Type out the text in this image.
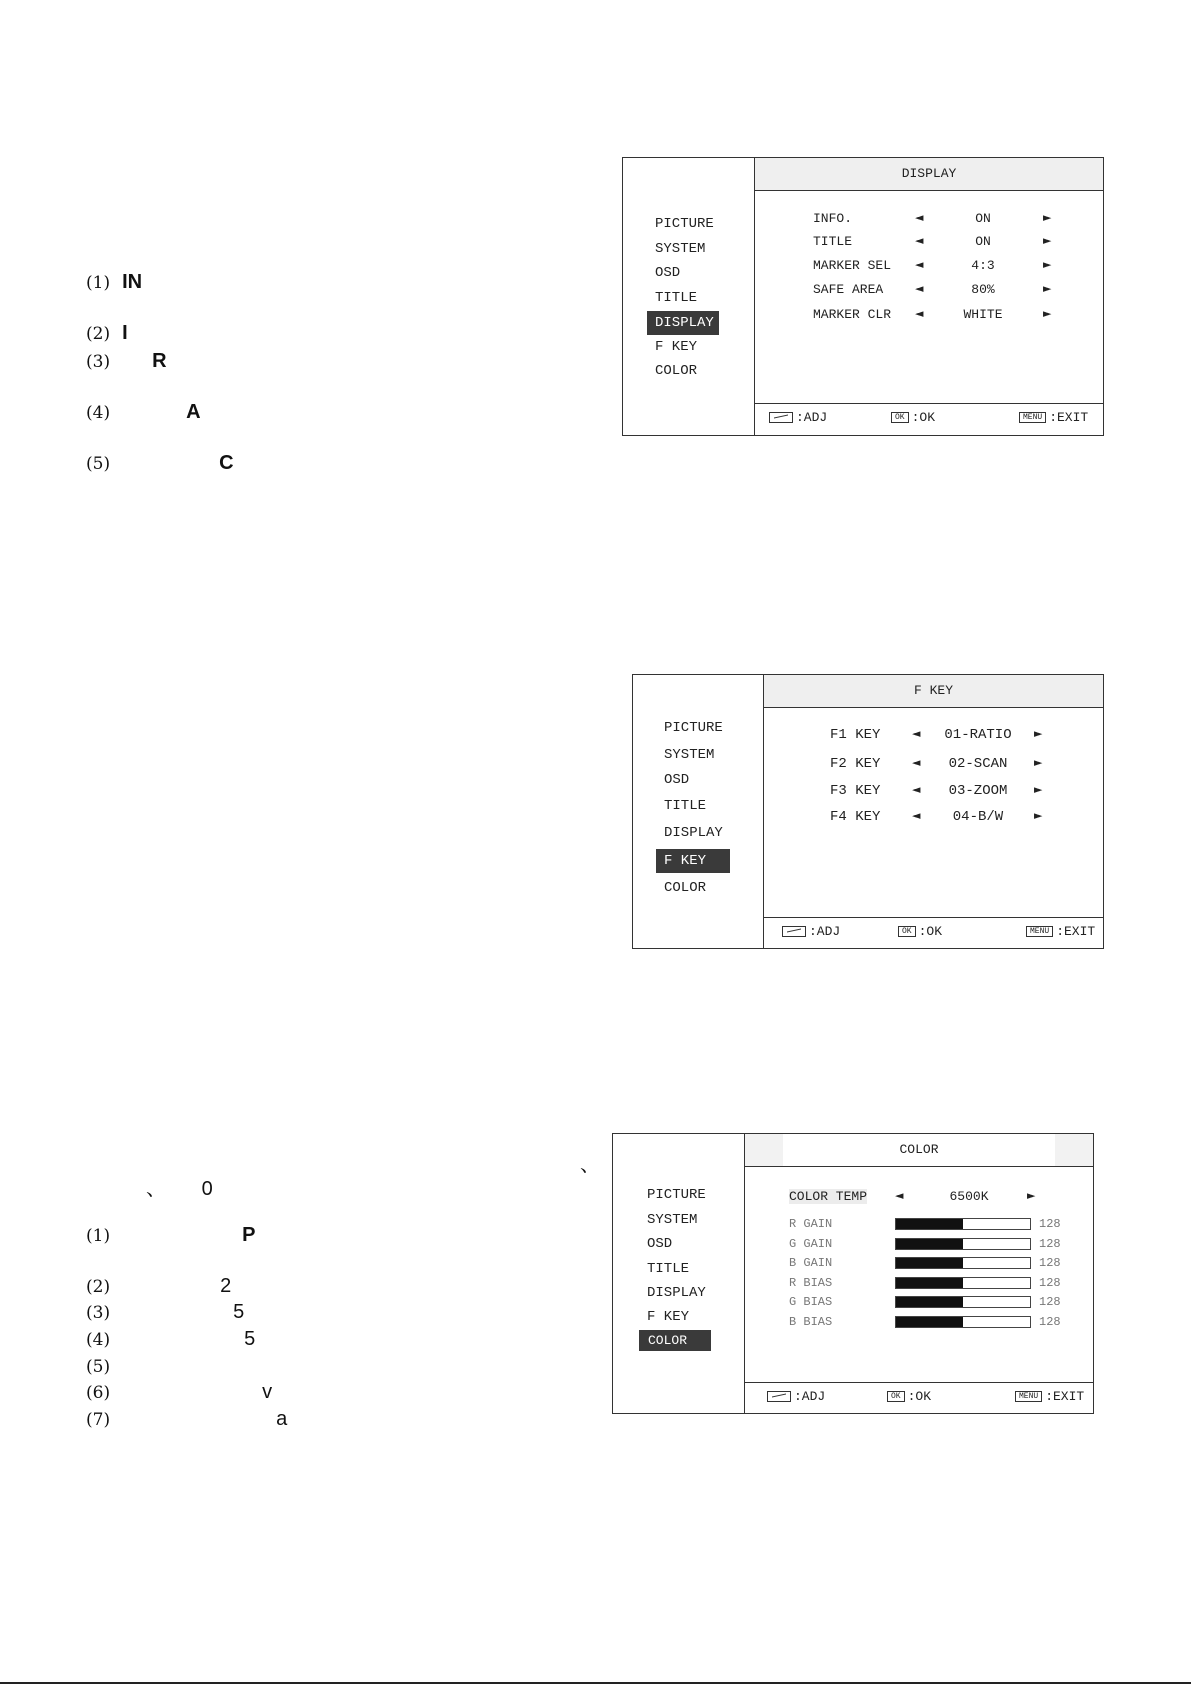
(1) IN
(2) I
(3) R
(4)	A
(5)	C
、
、 0
(1)	P
(2)	2
(3)	5
(4)	5
(5)
(6)	v
(7)	a
PICTURE
SYSTEM
OSD
TITLE
DISPLAY
F KEY
COLOR
DISPLAY
INFO.	◄	ON	►
TITLE	◄	ON	►
MARKER SEL ◄	4:3	►
SAFE AREA	◄	80%	►
MARKER CLR ◄	WHITE	►
:ADJ	OK :OK	MENU :EXIT
PICTURE
SYSTEM
OSD
TITLE
DISPLAY
F KEY
COLOR
F KEY
F1 KEY	◄	01-RATIO	►
F2 KEY	◄	02-SCAN	►
F3 KEY	◄	03-ZOOM	►
F4 KEY	◄	04-B/W	►
:ADJ	OK :OK	MENU :EXIT
PICTURE
SYSTEM
OSD
TITLE
DISPLAY
F KEY
COLOR
COLOR
COLOR TEMP	◄	6500K	►
R GAIN	128
G GAIN	128
B GAIN	128
R BIAS	128
G BIAS	128
B BIAS	128
:ADJ	OK :OK	MENU :EXIT
